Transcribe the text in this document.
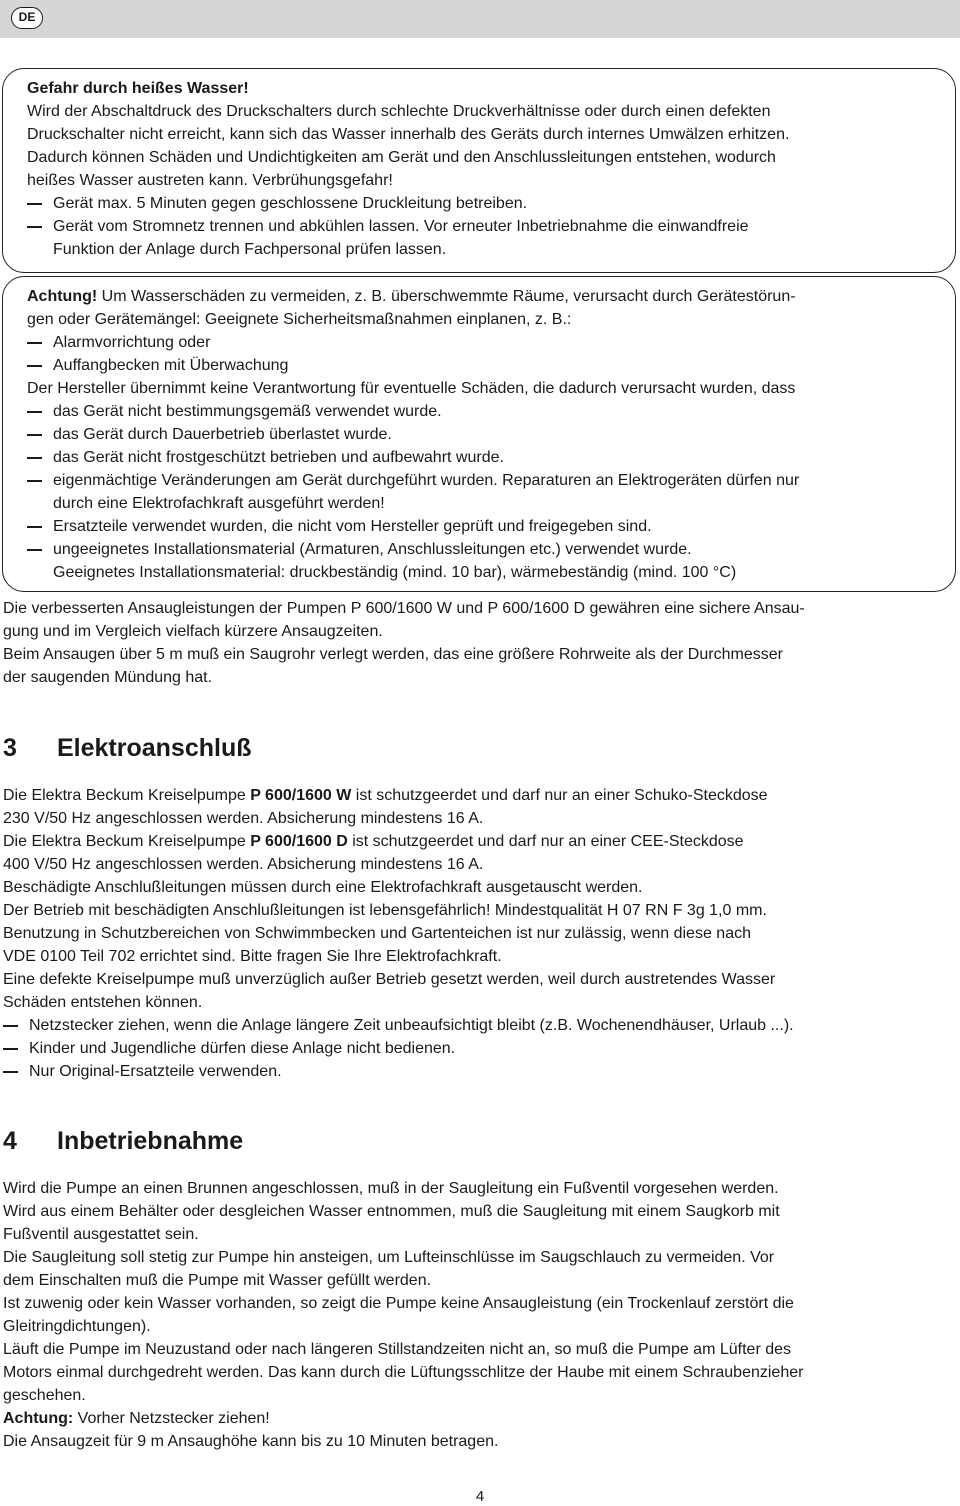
DE

Gefahr durch heißes Wasser!

Wird der Abschaltdruck des Druckschalters durch schlechte Druckverhältnisse oder durch einen defekten

Druckschalter nicht erreicht, kann sich das Wasser innerhalb des Geräts durch internes Umwälzen erhitzen.

Dadurch können Schäden und Undichtigkeiten am Gerät und den Anschlussleitungen entstehen, wodurch

heißes Wasser austreten kann. Verbrühungsgefahr!

Gerät max. 5 Minuten gegen geschlossene Druckleitung betreiben.

Gerät vom Stromnetz trennen und abkühlen lassen. Vor erneuter Inbetriebnahme die einwandfreie

Funktion der Anlage durch Fachpersonal prüfen lassen.

Achtung! Um Wasserschäden zu vermeiden, z. B. überschwemmte Räume, verursacht durch Gerätestörun-

gen oder Gerätemängel: Geeignete Sicherheitsmaßnahmen einplanen, z. B.:

Alarmvorrichtung oder

Auffangbecken mit Überwachung

Der Hersteller übernimmt keine Verantwortung für eventuelle Schäden, die dadurch verursacht wurden, dass

das Gerät nicht bestimmungsgemäß verwendet wurde.

das Gerät durch Dauerbetrieb überlastet wurde.

das Gerät nicht frostgeschützt betrieben und aufbewahrt wurde.

eigenmächtige Veränderungen am Gerät durchgeführt wurden. Reparaturen an Elektrogeräten dürfen nur

durch eine Elektrofachkraft ausgeführt werden!

Ersatzteile verwendet wurden, die nicht vom Hersteller geprüft und freigegeben sind.

ungeeignetes Installationsmaterial (Armaturen, Anschlussleitungen etc.) verwendet wurde.

Geeignetes Installationsmaterial: druckbeständig (mind. 10 bar), wärmebeständig (mind. 100 °C)

Die verbesserten Ansaugleistungen der Pumpen P 600/1600 W und P 600/1600 D gewähren eine sichere Ansau-

gung und im Vergleich vielfach kürzere Ansaugzeiten.

Beim Ansaugen über 5 m muß ein Saugrohr verlegt werden, das eine größere Rohrweite als der Durchmesser

der saugenden Mündung hat.

3 Elektroanschluß

Die Elektra Beckum Kreiselpumpe P 600/1600 W ist schutzgeerdet und darf nur an einer Schuko-Steckdose

230 V/50 Hz angeschlossen werden. Absicherung mindestens 16 A.

Die Elektra Beckum Kreiselpumpe P 600/1600 D ist schutzgeerdet und darf nur an einer CEE-Steckdose

400 V/50 Hz angeschlossen werden. Absicherung mindestens 16 A.

Beschädigte Anschlußleitungen müssen durch eine Elektrofachkraft ausgetauscht werden.

Der Betrieb mit beschädigten Anschlußleitungen ist lebensgefährlich! Mindestqualität H 07 RN F 3g 1,0 mm.

Benutzung in Schutzbereichen von Schwimmbecken und Gartenteichen ist nur zulässig, wenn diese nach

VDE 0100 Teil 702 errichtet sind. Bitte fragen Sie Ihre Elektrofachkraft.

Eine defekte Kreiselpumpe muß unverzüglich außer Betrieb gesetzt werden, weil durch austretendes Wasser

Schäden entstehen können.

Netzstecker ziehen, wenn die Anlage längere Zeit unbeaufsichtigt bleibt (z.B. Wochenendhäuser, Urlaub ...).

Kinder und Jugendliche dürfen diese Anlage nicht bedienen.

Nur Original-Ersatzteile verwenden.

4 Inbetriebnahme

Wird die Pumpe an einen Brunnen angeschlossen, muß in der Saugleitung ein Fußventil vorgesehen werden.

Wird aus einem Behälter oder desgleichen Wasser entnommen, muß die Saugleitung mit einem Saugkorb mit

Fußventil ausgestattet sein.

Die Saugleitung soll stetig zur Pumpe hin ansteigen, um Lufteinschlüsse im Saugschlauch zu vermeiden. Vor

dem Einschalten muß die Pumpe mit Wasser gefüllt werden.

Ist zuwenig oder kein Wasser vorhanden, so zeigt die Pumpe keine Ansaugleistung (ein Trockenlauf zerstört die

Gleitringdichtungen).

Läuft die Pumpe im Neuzustand oder nach längeren Stillstandzeiten nicht an, so muß die Pumpe am Lüfter des

Motors einmal durchgedreht werden. Das kann durch die Lüftungsschlitze der Haube mit einem Schraubenzieher

geschehen.

Achtung: Vorher Netzstecker ziehen!

Die Ansaugzeit für 9 m Ansaughöhe kann bis zu 10 Minuten betragen.

4
